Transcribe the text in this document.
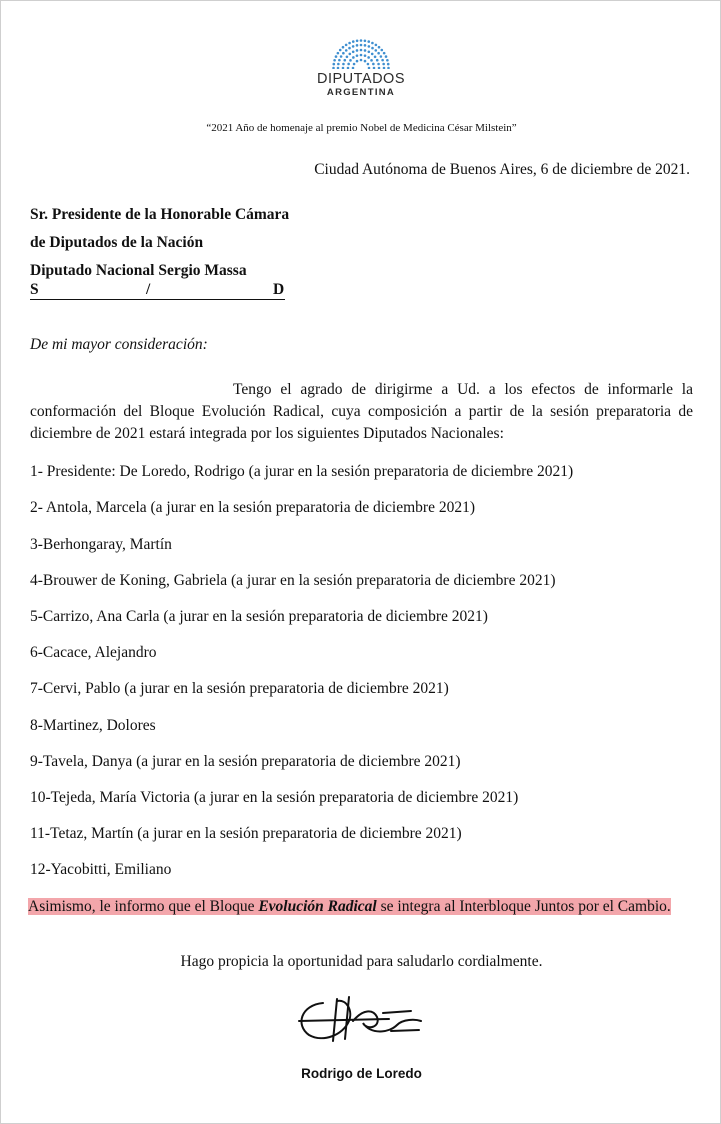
DIPUTADOS
ARGENTINA
“2021 Año de homenaje al premio Nobel de Medicina César Milstein”
Ciudad Autónoma de Buenos Aires, 6 de diciembre de 2021.
Sr. Presidente de la Honorable Cámara
de Diputados de la Nación
Diputado Nacional Sergio Massa
S	/	D
De mi mayor consideración:
Tengo el agrado de dirigirme a Ud. a los efectos de informarle la conformación del Bloque Evolución Radical, cuya composición a partir de la sesión preparatoria de diciembre de 2021 estará integrada por los siguientes Diputados Nacionales:
1- Presidente: De Loredo, Rodrigo (a jurar en la sesión preparatoria de diciembre 2021)
2- Antola, Marcela (a jurar en la sesión preparatoria de diciembre 2021)
3-Berhongaray, Martín
4-Brouwer de Koning, Gabriela (a jurar en la sesión preparatoria de diciembre 2021)
5-Carrizo, Ana Carla (a jurar en la sesión preparatoria de diciembre 2021)
6-Cacace, Alejandro
7-Cervi, Pablo (a jurar en la sesión preparatoria de diciembre 2021)
8-Martinez, Dolores
9-Tavela, Danya (a jurar en la sesión preparatoria de diciembre 2021)
10-Tejeda, María Victoria (a jurar en la sesión preparatoria de diciembre 2021)
11-Tetaz, Martín (a jurar en la sesión preparatoria de diciembre 2021)
12-Yacobitti, Emiliano
Asimismo, le informo que el Bloque Evolución Radical se integra al Interbloque Juntos por el Cambio.
Hago propicia la oportunidad para saludarlo cordialmente.
Rodrigo de Loredo
